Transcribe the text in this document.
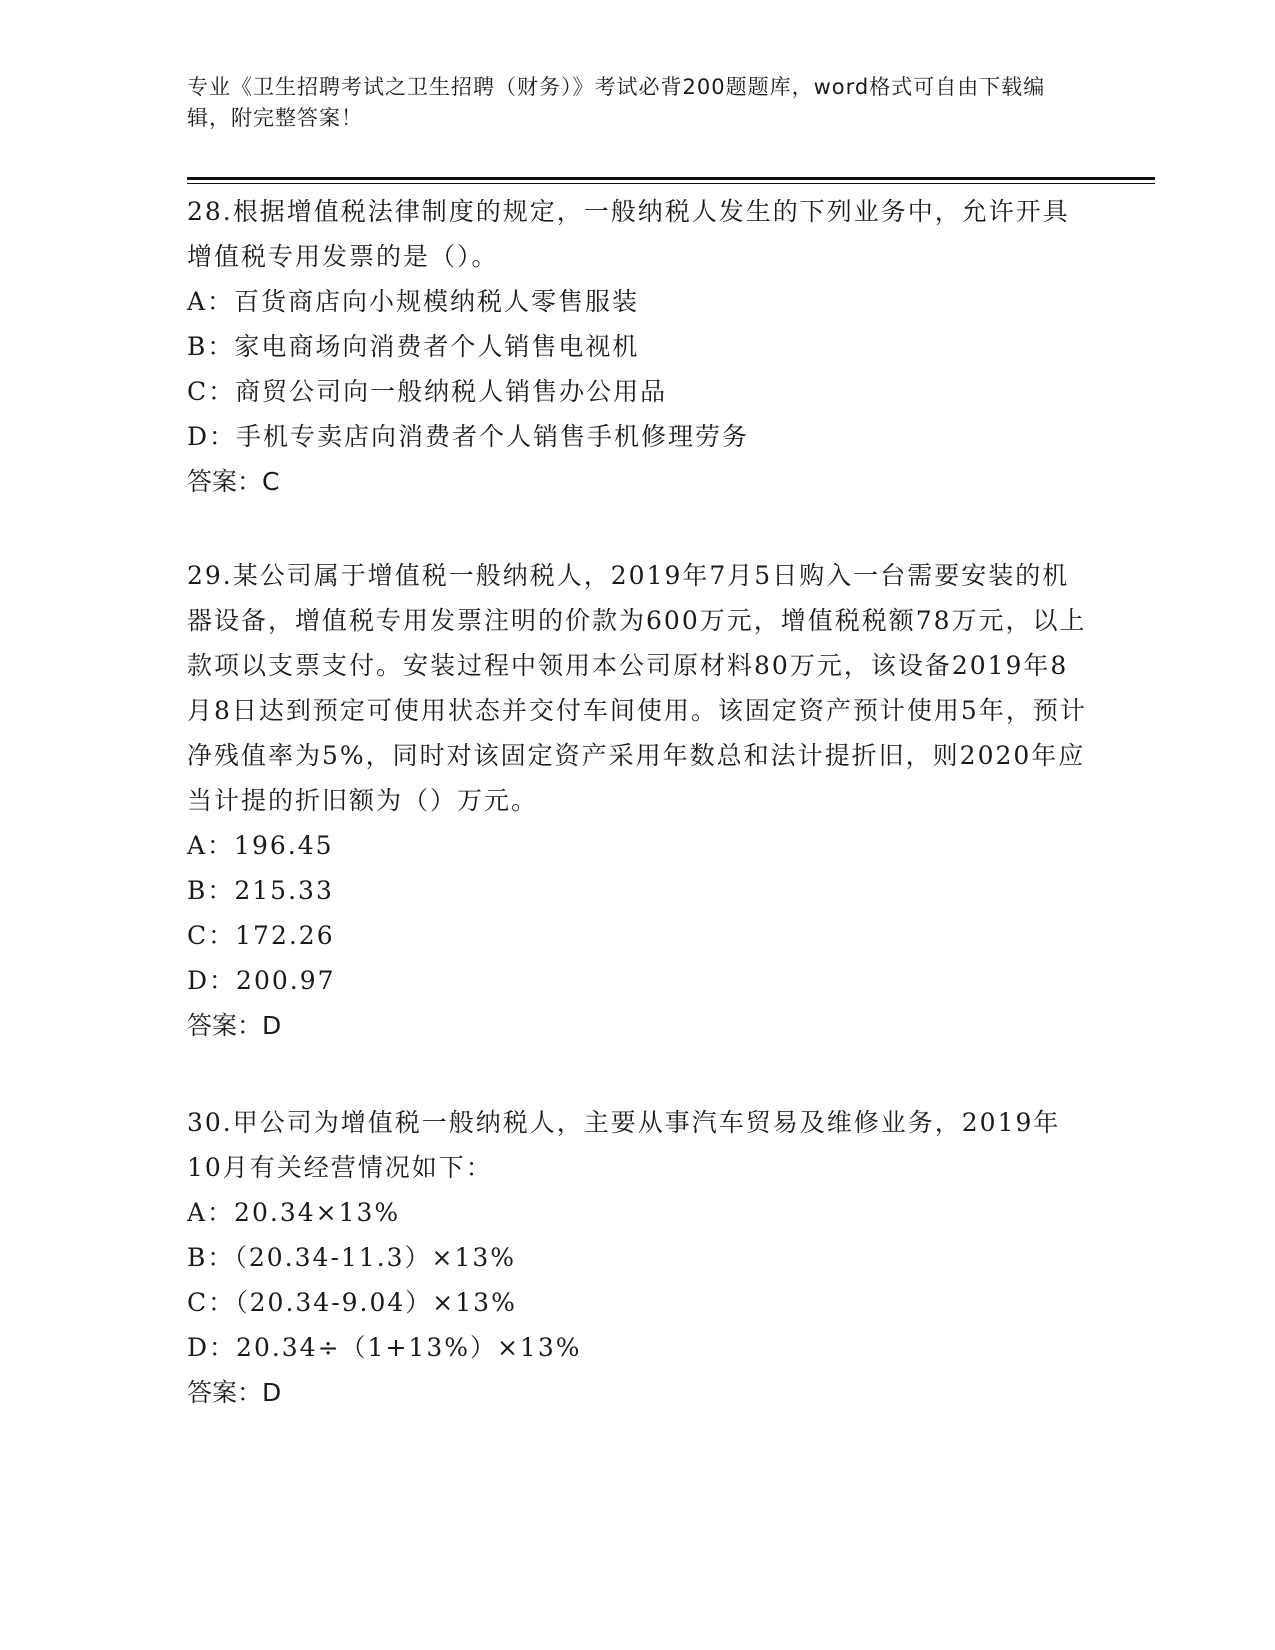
专业《卫生招聘考试之卫生招聘（财务）》考试必背200题题库，word格式可自由下载编辑，附完整答案！

28.根据增值税法律制度的规定，一般纳税人发生的下列业务中，允许开具增值税专用发票的是（）。

A：百货商店向小规模纳税人零售服装

B：家电商场向消费者个人销售电视机

C：商贸公司向一般纳税人销售办公用品

D：手机专卖店向消费者个人销售手机修理劳务

答案：C

29.某公司属于增值税一般纳税人，2019年7月5日购入一台需要安装的机器设备，增值税专用发票注明的价款为600万元，增值税税额78万元，以上款项以支票支付。安装过程中领用本公司原材料80万元，该设备2019年8月8日达到预定可使用状态并交付车间使用。该固定资产预计使用5年，预计净残值率为5%，同时对该固定资产采用年数总和法计提折旧，则2020年应当计提的折旧额为（）万元。

A：196.45

B：215.33

C：172.26

D：200.97

答案：D

30.甲公司为增值税一般纳税人，主要从事汽车贸易及维修业务，2019年10月有关经营情况如下：

A：20.34×13%

B：（20.34-11.3）×13%

C：（20.34-9.04）×13%

D：20.34÷（1+13%）×13%

答案：D
